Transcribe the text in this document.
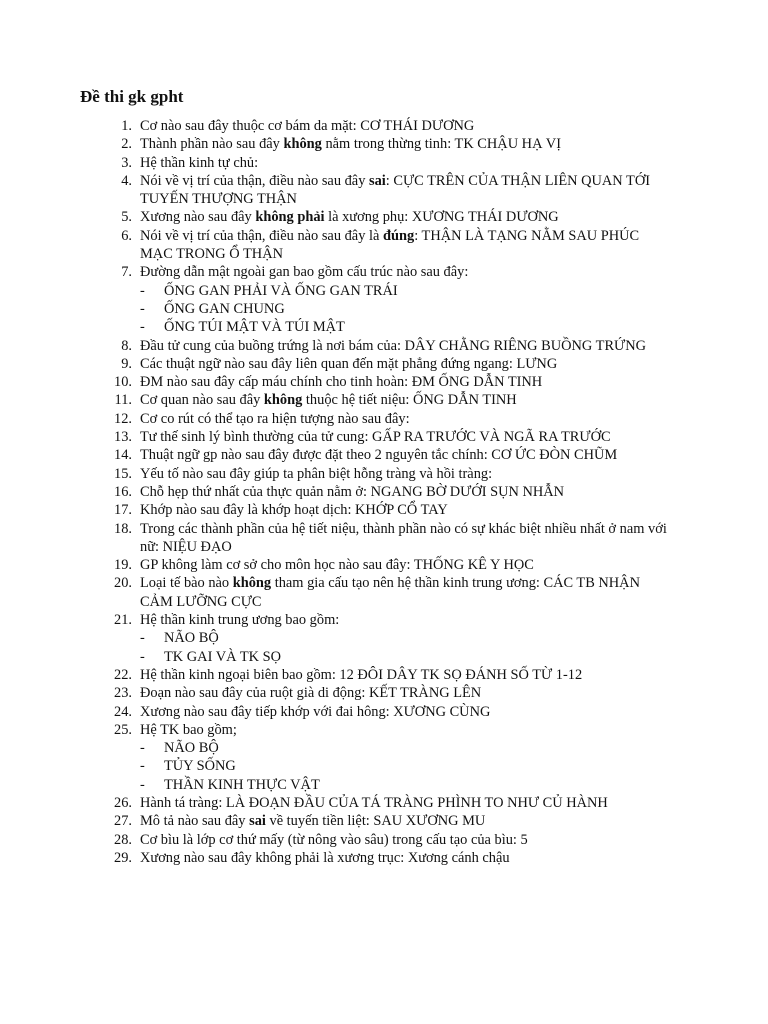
Đề thi gk gpht
1. Cơ nào sau đây thuộc cơ bám da mặt: CƠ THÁI DƯƠNG
2. Thành phần nào sau đây không nằm trong thừng tinh: TK CHẬU HẠ VỊ
3. Hệ thần kinh tự chủ:
4. Nói về vị trí của thận, điều nào sau đây sai: CỰC TRÊN CỦA THẬN LIÊN QUAN TỚI TUYẾN THƯỢNG THẬN
5. Xương nào sau đây không phải là xương phụ: XƯƠNG THÁI DƯƠNG
6. Nói về vị trí của thận, điều nào sau đây là đúng: THẬN LÀ TẠNG NẰM SAU PHÚC MẠC TRONG Ổ THẬN
7. Đường dẫn mật ngoài gan bao gồm cấu trúc nào sau đây:
-	ỐNG GAN PHẢI VÀ ỐNG GAN TRÁI
-	ỐNG GAN CHUNG
-	ỐNG TÚI MẬT VÀ TÚI MẬT
8. Đầu tử cung của buồng trứng là nơi bám của: DÂY CHẰNG RIÊNG BUỒNG TRỨNG
9. Các thuật ngữ nào sau đây liên quan đến mặt phẳng đứng ngang: LƯNG
10. ĐM nào sau đây cấp máu chính cho tinh hoàn: ĐM ỐNG DẪN TINH
11. Cơ quan nào sau đây không thuộc hệ tiết niệu: ỐNG DẪN TINH
12. Cơ co rút có thể tạo ra hiện tượng nào sau đây:
13. Tư thế sinh lý bình thường của tử cung: GẤP RA TRƯỚC VÀ NGÃ RA TRƯỚC
14. Thuật ngữ gp nào sau đây được đặt theo 2 nguyên tắc chính: CƠ ỨC ĐÒN CHŨM
15. Yếu tố nào sau đây giúp ta phân biệt hỗng tràng và hồi tràng:
16. Chỗ hẹp thứ nhất của thực quản nằm ở: NGANG BỜ DƯỚI SỤN NHẪN
17. Khớp nào sau đây là khớp hoạt dịch: KHỚP CỔ TAY
18. Trong các thành phần của hệ tiết niệu, thành phần nào có sự khác biệt nhiều nhất ở nam với nữ: NIỆU ĐẠO
19. GP không làm cơ sở cho môn học nào sau đây: THỐNG KÊ Y HỌC
20. Loại tế bào nào không tham gia cấu tạo nên hệ thần kinh trung ương: CÁC TB NHẬN CẢM LƯỠNG CỰC
21. Hệ thần kinh trung ương bao gồm:
-	NÃO BỘ
-	TK GAI VÀ TK SỌ
22. Hệ thần kinh ngoại biên bao gồm: 12 ĐÔI DÂY TK SỌ ĐÁNH SỐ TỪ 1-12
23. Đoạn nào sau đây của ruột già di động: KẾT TRÀNG LÊN
24. Xương nào sau đây tiếp khớp với đai hông: XƯƠNG CÙNG
25. Hệ TK bao gồm;
-	NÃO BỘ
-	TỦY SỐNG
-	THẦN KINH THỰC VẬT
26. Hành tá tràng: LÀ ĐOẠN ĐẦU CỦA TÁ TRÀNG PHÌNH TO NHƯ CỦ HÀNH
27. Mô tả nào sau đây sai về tuyến tiền liệt: SAU XƯƠNG MU
28. Cơ bìu là lớp cơ thứ mấy (từ nông vào sâu) trong cấu tạo của bìu: 5
29. Xương nào sau đây không phải là xương trục: Xương cánh chậu
